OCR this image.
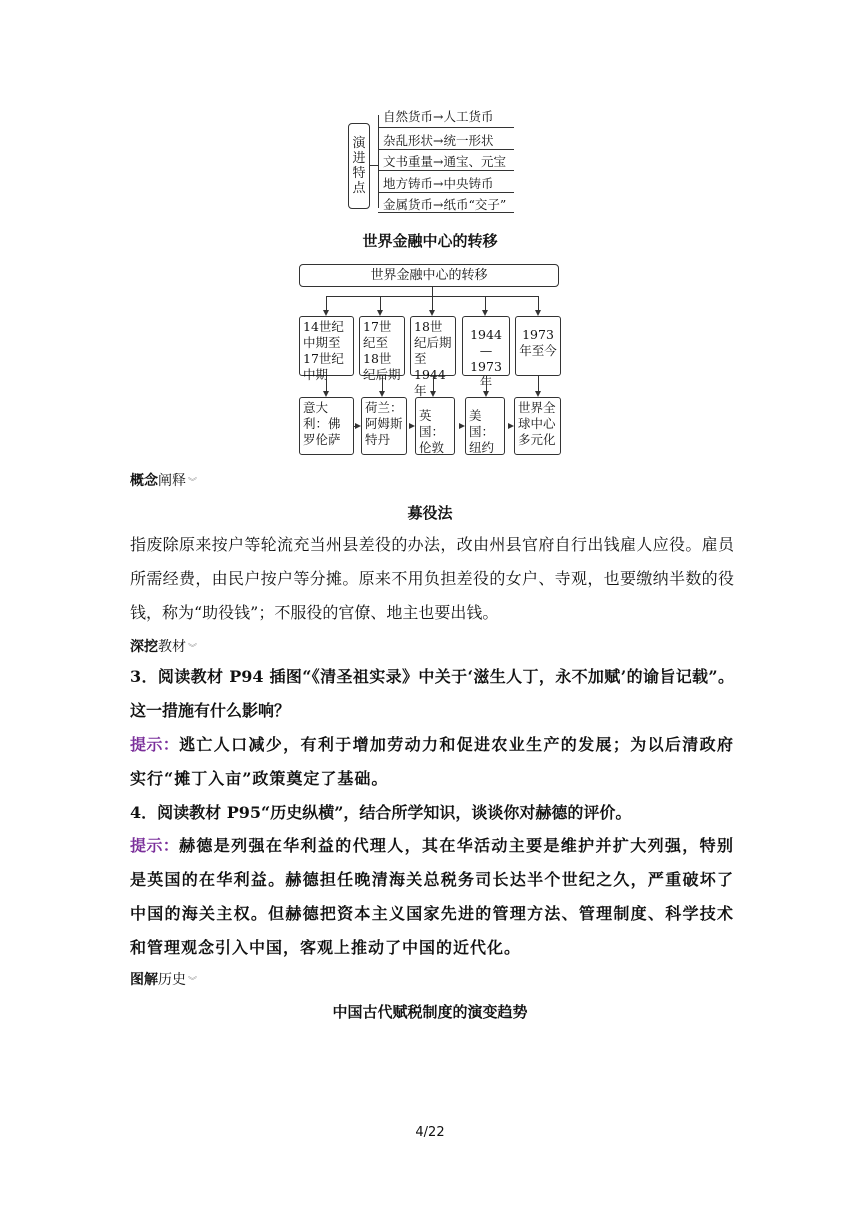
演进特点
自然货币→人工货币
杂乱形状→统一形状
文书重量→通宝、元宝
地方铸币→中央铸币
金属货币→纸币“交子”
世界金融中心的转移
世界金融中心的转移
14世纪中期至17世纪中期
17世纪至18世纪后期
18世纪后期至1944年
1944—1973年
1973年至今
意大利：佛罗伦萨
荷兰：阿姆斯特丹
英国：伦敦
美国：纽约
世界全球中心多元化
概念阐释 ︾
募役法
指废除原来按户等轮流充当州县差役的办法，改由州县官府自行出钱雇人应役。雇员所需经费，由民户按户等分摊。原来不用负担差役的女户、寺观，也要缴纳半数的役钱，称为“助役钱”；不服役的官僚、地主也要出钱。
深挖教材 ︾
3．阅读教材 P94 插图“《清圣祖实录》中关于‘滋生人丁，永不加赋’的谕旨记载”。这一措施有什么影响？
提示：逃亡人口减少，有利于增加劳动力和促进农业生产的发展；为以后清政府实行“摊丁入亩”政策奠定了基础。
4．阅读教材 P95“历史纵横”，结合所学知识，谈谈你对赫德的评价。
提示：赫德是列强在华利益的代理人，其在华活动主要是维护并扩大列强，特别是英国的在华利益。赫德担任晚清海关总税务司长达半个世纪之久，严重破坏了中国的海关主权。但赫德把资本主义国家先进的管理方法、管理制度、科学技术和管理观念引入中国，客观上推动了中国的近代化。
图解历史 ︾
中国古代赋税制度的演变趋势
4/22
